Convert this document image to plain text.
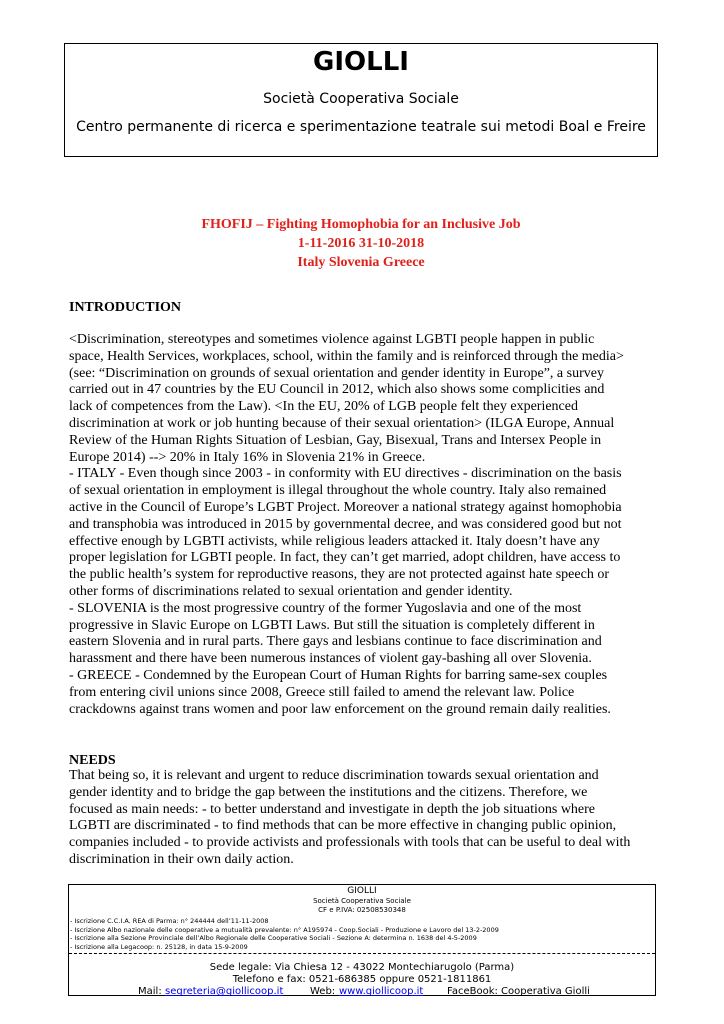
GIOLLI
Società Cooperativa Sociale
Centro permanente di ricerca e sperimentazione teatrale sui metodi Boal e Freire
FHOFIJ – Fighting Homophobia for an Inclusive Job
1-11-2016 31-10-2018
Italy Slovenia Greece
INTRODUCTION
<Discrimination, stereotypes and sometimes violence against LGBTI people happen in public
space, Health Services, workplaces, school, within the family and is reinforced through the media>
(see: “Discrimination on grounds of sexual orientation and gender identity in Europe”, a survey
carried out in 47 countries by the EU Council in 2012, which also shows some complicities and
lack of competences from the Law). <In the EU, 20% of LGB people felt they experienced
discrimination at work or job hunting because of their sexual orientation> (ILGA Europe, Annual
Review of the Human Rights Situation of Lesbian, Gay, Bisexual, Trans and Intersex People in
Europe 2014) --> 20% in Italy 16% in Slovenia 21% in Greece.
- ITALY - Even though since 2003 - in conformity with EU directives - discrimination on the basis
of sexual orientation in employment is illegal throughout the whole country. Italy also remained
active in the Council of Europe’s LGBT Project. Moreover a national strategy against homophobia
and transphobia was introduced in 2015 by governmental decree, and was considered good but not
effective enough by LGBTI activists, while religious leaders attacked it. Italy doesn’t have any
proper legislation for LGBTI people. In fact, they can’t get married, adopt children, have access to
the public health’s system for reproductive reasons, they are not protected against hate speech or
other forms of discriminations related to sexual orientation and gender identity.
- SLOVENIA is the most progressive country of the former Yugoslavia and one of the most
progressive in Slavic Europe on LGBTI Laws. But still the situation is completely different in
eastern Slovenia and in rural parts. There gays and lesbians continue to face discrimination and
harassment and there have been numerous instances of violent gay-bashing all over Slovenia.
- GREECE - Condemned by the European Court of Human Rights for barring same-sex couples
from entering civil unions since 2008, Greece still failed to amend the relevant law. Police
crackdowns against trans women and poor law enforcement on the ground remain daily realities.
NEEDS
That being so, it is relevant and urgent to reduce discrimination towards sexual orientation and
gender identity and to bridge the gap between the institutions and the citizens. Therefore, we
focused as main needs: - to better understand and investigate in depth the job situations where
LGBTI are discriminated - to find methods that can be more effective in changing public opinion,
companies included - to provide activists and professionals with tools that can be useful to deal with
discrimination in their own daily action.
GIOLLI
Società Cooperativa Sociale
CF e P.IVA: 02508530348
- Iscrizione C.C.I.A. REA di Parma: n° 244444 dell’11-11-2008
- Iscrizione Albo nazionale delle cooperative a mutualità prevalente: n° A195974 - Coop.Sociali - Produzione e Lavoro del 13-2-2009
- Iscrizione alla Sezione Provinciale dell’Albo Regionale delle Cooperative Sociali - Sezione A: determina n. 1638 del 4-5-2009
- Iscrizione alla Legacoop: n. 25128, in data 15-9-2009
Sede legale: Via Chiesa 12 - 43022 Montechiarugolo (Parma)
Telefono e fax: 0521-686385 oppure 0521-1811861
Mail: segreteria@giollicoop.it	Web: www.giollicoop.it FaceBook: Cooperativa Giolli
